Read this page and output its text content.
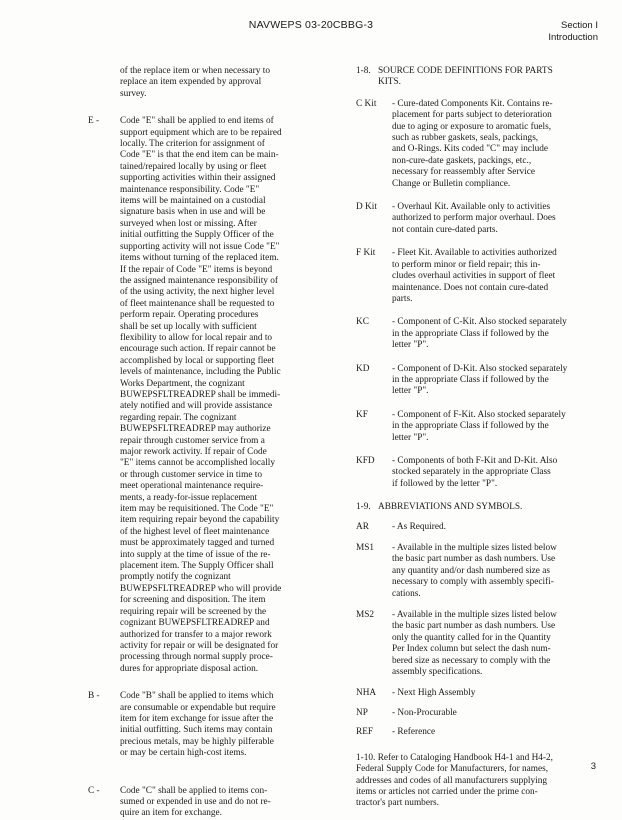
NAVWEPS 03-20CBBG-3	Section I
Introduction
of the replace item or when necessary to
replace an item expended by approval
survey.
E -	Code "E" shall be applied to end items of
support equipment which are to be repaired
locally. The criterion for assignment of
Code "E" is that the end item can be main-
tained/repaired locally by using or fleet
supporting activities within their assigned
maintenance responsibility. Code "E"
items will be maintained on a custodial
signature basis when in use and will be
surveyed when lost or missing. After
initial outfitting the Supply Officer of the
supporting activity will not issue Code "E"
items without turning of the replaced item.
If the repair of Code "E" items is beyond
the assigned maintenance responsibility of
of the using activity, the next higher level
of fleet maintenance shall be requested to
perform repair. Operating procedures
shall be set up locally with sufficient
flexibility to allow for local repair and to
encourage such action. If repair cannot be
accomplished by local or supporting fleet
levels of maintenance, including the Public
Works Department, the cognizant
BUWEPSFLTREADREP shall be immedi-
ately notified and will provide assistance
regarding repair. The cognizant
BUWEPSFLTREADREP may authorize
repair through customer service from a
major rework activity. If repair of Code
"E" items cannot be accomplished locally
or through customer service in time to
meet operational maintenance require-
ments, a ready-for-issue replacement
item may be requisitioned. The Code "E"
item requiring repair beyond the capability
of the highest level of fleet maintenance
must be approximately tagged and turned
into supply at the time of issue of the re-
placement item. The Supply Officer shall
promptly notify the cognizant
BUWEPSFLTREADREP who will provide
for screening and disposition. The item
requiring repair will be screened by the
cognizant BUWEPSFLTREADREP and
authorized for transfer to a major rework
activity for repair or will be designated for
processing through normal supply proce-
dures for appropriate disposal action.
B -	Code "B" shall be applied to items which
are consumable or expendable but require
item for item exchange for issue after the
initial outfitting. Such items may contain
precious metals, may be highly pilferable
or may be certain high-cost items.
C -	Code "C" shall be applied to items con-
sumed or expended in use and do not re-
quire an item for exchange.
1-8. SOURCE CODE DEFINITIONS FOR PARTS
KITS.
C Kit	- Cure-dated Components Kit. Contains re-
placement for parts subject to deterioration
due to aging or exposure to aromatic fuels,
such as rubber gaskets, seals, packings,
and O-Rings. Kits coded "C" may include
non-cure-date gaskets, packings, etc.,
necessary for reassembly after Service
Change or Bulletin compliance.
D Kit	- Overhaul Kit. Available only to activities
authorized to perform major overhaul. Does
not contain cure-dated parts.
F Kit	- Fleet Kit. Available to activities authorized
to perform minor or field repair; this in-
cludes overhaul activities in support of fleet
maintenance. Does not contain cure-dated
parts.
KC	- Component of C-Kit. Also stocked separately
in the appropriate Class if followed by the
letter "P".
KD	- Component of D-Kit. Also stocked separately
in the appropriate Class if followed by the
letter "P".
KF	- Component of F-Kit. Also stocked separately
in the appropriate Class if followed by the
letter "P".
KFD	- Components of both F-Kit and D-Kit. Also
stocked separately in the appropriate Class
if followed by the letter "P".
1-9. ABBREVIATIONS AND SYMBOLS.
AR	- As Required.
MS1	- Available in the multiple sizes listed below
the basic part number as dash numbers. Use
any quantity and/or dash numbered size as
necessary to comply with assembly specifi-
cations.
MS2	- Available in the multiple sizes listed below
the basic part number as dash numbers. Use
only the quantity called for in the Quantity
Per Index column but select the dash num-
bered size as necessary to comply with the
assembly specifications.
NHA	- Next High Assembly
NP	- Non-Procurable
REF	- Reference
1-10. Refer to Cataloging Handbook H4-1 and H4-2,
Federal Supply Code for Manufacturers, for names,
addresses and codes of all manufacturers supplying
items or articles not carried under the prime con-
tractor's part numbers.
3
